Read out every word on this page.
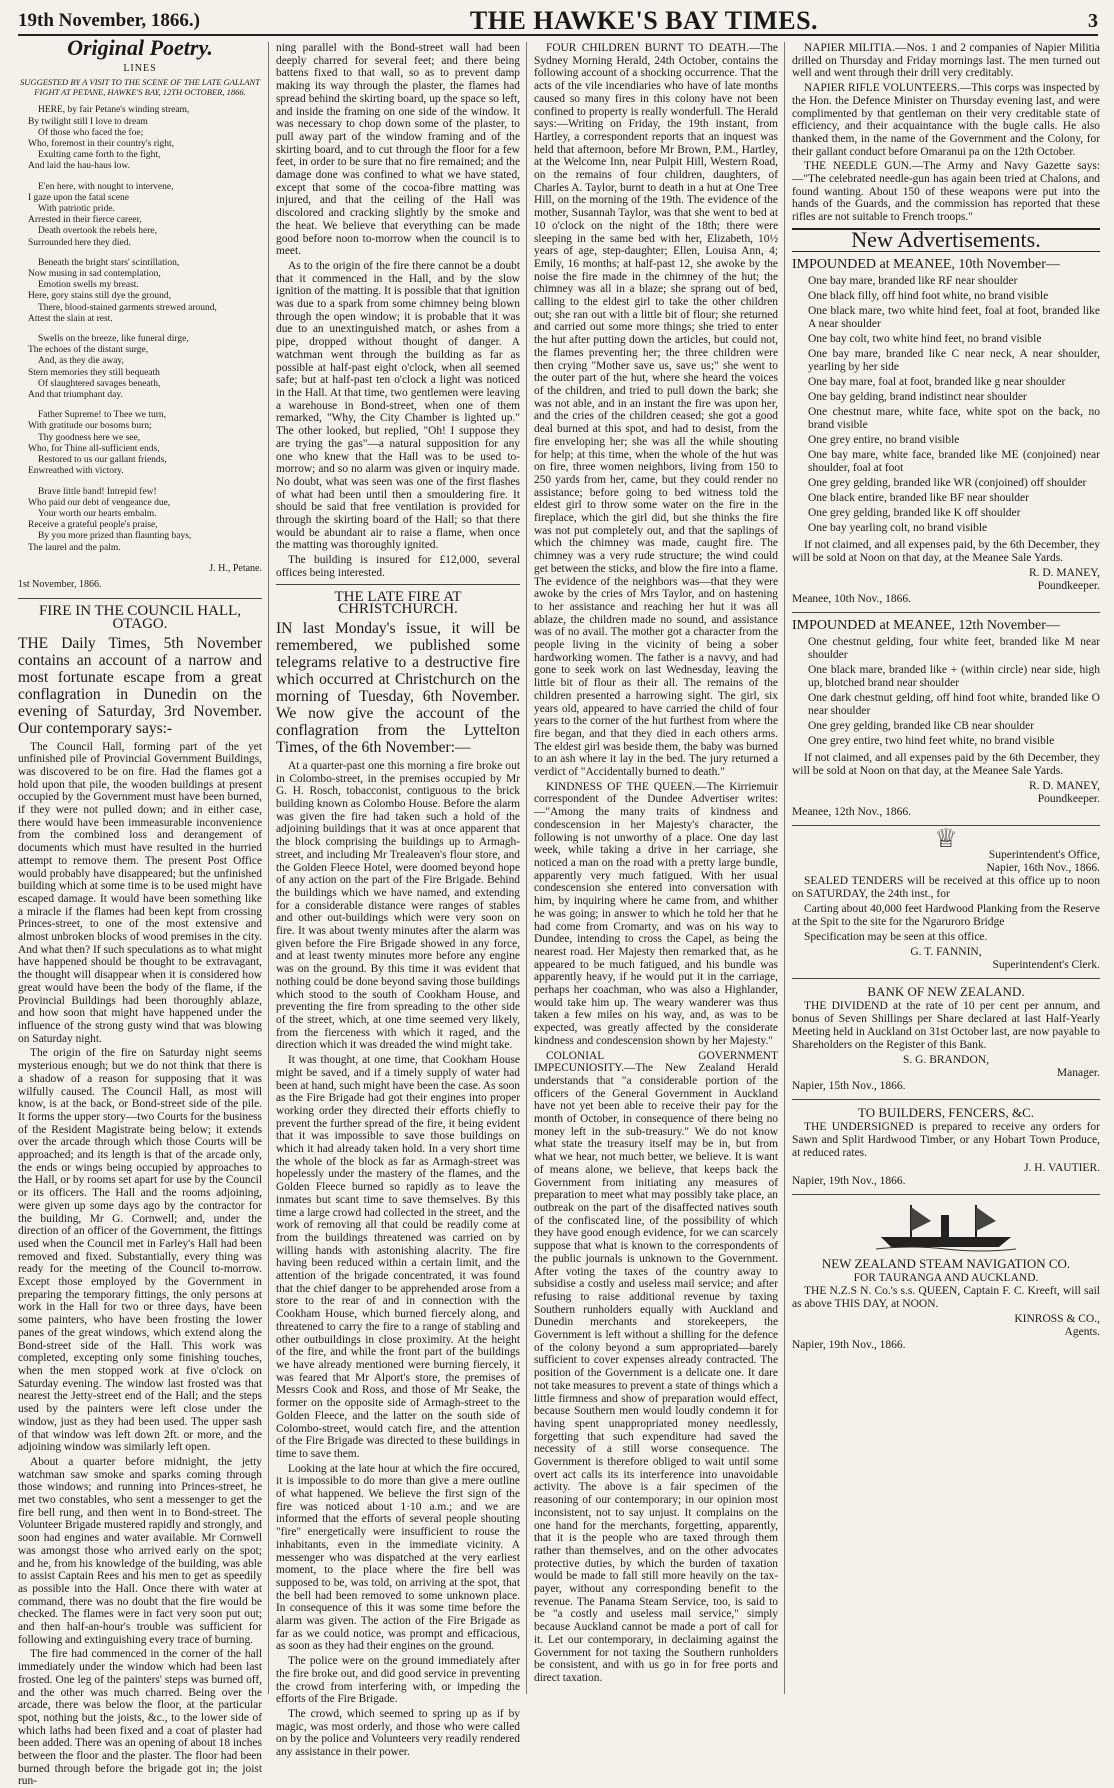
19th November, 1866.)	THE HAWKE'S BAY TIMES.	3
Original Poetry.
LINES
SUGGESTED BY A VISIT TO THE SCENE OF THE LATE GALLANT FIGHT AT PETANE, HAWKE'S BAY, 12TH OCTOBER, 1866.
HERE, by fair Petane's winding stream,
By twilight still I love to dream
Of those who faced the foe;
Who, foremost in their country's right,
Exulting came forth to the fight,
And laid the hau-haus low.
E'en here, with nought to intervene,
I gaze upon the fatal scene
With patriotic pride.
Arrested in their fierce career,
Death overtook the rebels here,
Surrounded here they died.
Beneath the bright stars' scintillation,
Now musing in sad contemplation,
Emotion swells my breast.
Here, gory stains still dye the ground,
There, blood-stained garments strewed around,
Attest the slain at rest.
Swells on the breeze, like funeral dirge,
The echoes of the distant surge,
And, as they die away,
Stern memories they still bequeath
Of slaughtered savages beneath,
And that triumphant day.
Father Supreme! to Thee we turn,
With gratitude our bosoms burn;
Thy goodness here we see,
Who, for Thine all-sufficient ends,
Restored to us our gallant friends,
Enwreathed with victory.
Brave little band! Intrepid few!
Who paid our debt of vengeance due,
Your worth our hearts embalm.
Receive a grateful people's praise,
By you more prized than flaunting bays,
The laurel and the palm.
J. H., Petane.
1st November, 1866.
FIRE IN THE COUNCIL HALL, OTAGO.

THE Daily Times, 5th November contains an account of a narrow and most fortunate escape from a great conflagration in Dunedin on the evening of Saturday, 3rd November. Our contemporary says:-

The Council Hall, forming part of the yet unfinished pile of Provincial Government Buildings, was discovered to be on fire. Had the flames got a hold upon that pile, the wooden buildings at present occupied by the Government must have been burned, if they were not pulled down; and in either case, there would have been immeasurable inconvenience from the combined loss and derangement of documents which must have resulted in the hurried attempt to remove them. The present Post Office would probably have disappeared; but the unfinished building which at some time is to be used might have escaped damage. It would have been something like a miracle if the flames had been kept from crossing Princes-street, to one of the most extensive and almost unbroken blocks of wood premises in the city. And what then? If such speculations as to what might have happened should be thought to be extravagant, the thought will disappear when it is considered how great would have been the body of the flame, if the Provincial Buildings had been thoroughly ablaze, and how soon that might have happened under the influence of the strong gusty wind that was blowing on Saturday night.

The origin of the fire on Saturday night seems mysterious enough; but we do not think that there is a shadow of a reason for supposing that it was wilfully caused. The Council Hall, as most will know, is at the back, or Bond-street side of the pile. It forms the upper story—two Courts for the business of the Resident Magistrate being below; it extends over the arcade through which those Courts will be approached; and its length is that of the arcade only, the ends or wings being occupied by approaches to the Hall, or by rooms set apart for use by the Council or its officers. The Hall and the rooms adjoining, were given up some days ago by the contractor for the building, Mr G. Cornwell; and, under the direction of an officer of the Government, the fittings used when the Council met in Farley's Hall had been removed and fixed. Substantially, every thing was ready for the meeting of the Council to-morrow. Except those employed by the Government in preparing the temporary fittings, the only persons at work in the Hall for two or three days, have been some painters, who have been frosting the lower panes of the great windows, which extend along the Bond-street side of the Hall. This work was completed, excepting only some finishing touches, when the men stopped work at five o'clock on Saturday evening. The window last frosted was that nearest the Jetty-street end of the Hall; and the steps used by the painters were left close under the window, just as they had been used. The upper sash of that window was left down 2ft. or more, and the adjoining window was similarly left open.

About a quarter before midnight, the jetty watchman saw smoke and sparks coming through those windows; and running into Princes-street, he met two constables, who sent a messenger to get the fire bell rung, and then went in to Bond-street. The Volunteer Brigade mustered rapidly and strongly, and soon had engines and water available. Mr Cornwell was amongst those who arrived early on the spot; and he, from his knowledge of the building, was able to assist Captain Rees and his men to get as speedily as possible into the Hall. Once there with water at command, there was no doubt that the fire would be checked. The flames were in fact very soon put out; and then half-an-hour's trouble was sufficient for following and extinguishing every trace of burning.

The fire had commenced in the corner of the hall immediately under the window which had been last frosted. One leg of the painters' steps was burned off, and the other was much charred. Being over the arcade, there was below the floor, at the particular spot, nothing but the joists, &c., to the lower side of which laths had been fixed and a coat of plaster had been added. There was an opening of about 18 inches between the floor and the plaster. The floor had been burned through before the brigade got in; the joist run-

ning parallel with the Bond-street wall had been deeply charred for several feet; and there being battens fixed to that wall, so as to prevent damp making its way through the plaster, the flames had spread behind the skirting board, up the space so left, and inside the framing on one side of the window. It was necessary to chop down some of the plaster, to pull away part of the window framing and of the skirting board, and to cut through the floor for a few feet, in order to be sure that no fire remained; and the damage done was confined to what we have stated, except that some of the cocoa-fibre matting was injured, and that the ceiling of the Hall was discolored and cracking slightly by the smoke and the heat. We believe that everything can be made good before noon to-morrow when the council is to meet.

As to the origin of the fire there cannot be a doubt that it commenced in the Hall, and by the slow ignition of the matting. It is possible that that ignition was due to a spark from some chimney being blown through the open window; it is probable that it was due to an unextinguished match, or ashes from a pipe, dropped without thought of danger. A watchman went through the building as far as possible at half-past eight o'clock, when all seemed safe; but at half-past ten o'clock a light was noticed in the Hall. At that time, two gentlemen were leaving a warehouse in Bond-street, when one of them remarked, "Why, the City Chamber is lighted up." The other looked, but replied, "Oh! I suppose they are trying the gas"—a natural supposition for any one who knew that the Hall was to be used to-morrow; and so no alarm was given or inquiry made. No doubt, what was seen was one of the first flashes of what had been until then a smouldering fire. It should be said that free ventilation is provided for through the skirting board of the Hall; so that there would be abundant air to raise a flame, when once the matting was thoroughly ignited.

The building is insured for £12,000, several offices being interested.

THE LATE FIRE AT CHRISTCHURCH.

IN last Monday's issue, it will be remembered, we published some telegrams relative to a destructive fire which occurred at Christchurch on the morning of Tuesday, 6th November. We now give the account of the conflagration from the Lyttelton Times, of the 6th November:—

At a quarter-past one this morning a fire broke out in Colombo-street, in the premises occupied by Mr G. H. Rosch, tobacconist, contiguous to the brick building known as Colombo House. Before the alarm was given the fire had taken such a hold of the adjoining buildings that it was at once apparent that the block comprising the buildings up to Armagh-street, and including Mr Trealeaven's flour store, and the Golden Fleece Hotel, were doomed beyond hope of any action on the part of the Fire Brigade. Behind the buildings which we have named, and extending for a considerable distance were ranges of stables and other out-buildings which were very soon on fire. It was about twenty minutes after the alarm was given before the Fire Brigade showed in any force, and at least twenty minutes more before any engine was on the ground. By this time it was evident that nothing could be done beyond saving those buildings which stood to the south of Cookham House, and preventing the fire from spreading to the other side of the street, which, at one time seemed very likely, from the fierceness with which it raged, and the direction which it was dreaded the wind might take.

It was thought, at one time, that Cookham House might be saved, and if a timely supply of water had been at hand, such might have been the case. As soon as the Fire Brigade had got their engines into proper working order they directed their efforts chiefly to prevent the further spread of the fire, it being evident that it was impossible to save those buildings on which it had already taken hold. In a very short time the whole of the block as far as Armagh-street was hopelessly under the mastery of the flames, and the Golden Fleece burned so rapidly as to leave the inmates but scant time to save themselves. By this time a large crowd had collected in the street, and the work of removing all that could be readily come at from the buildings threatened was carried on by willing hands with astonishing alacrity. The fire having been reduced within a certain limit, and the attention of the brigade concentrated, it was found that the chief danger to be apprehended arose from a store to the rear of and in connection with the Cookham House, which burned fiercely along, and threatened to carry the fire to a range of stabling and other outbuildings in close proximity. At the height of the fire, and while the front part of the buildings we have already mentioned were burning fiercely, it was feared that Mr Alport's store, the premises of Messrs Cook and Ross, and those of Mr Seake, the former on the opposite side of Armagh-street to the Golden Fleece, and the latter on the south side of Colombo-street, would catch fire, and the attention of the Fire Brigade was directed to these buildings in time to save them.

Looking at the late hour at which the fire occured, it is impossible to do more than give a mere outline of what happened. We believe the first sign of the fire was noticed about 1·10 a.m.; and we are informed that the efforts of several people shouting "fire" energetically were insufficient to rouse the inhabitants, even in the immediate vicinity. A messenger who was dispatched at the very earliest moment, to the place where the fire bell was supposed to be, was told, on arriving at the spot, that the bell had been removed to some unknown place. In consequence of this it was some time before the alarm was given. The action of the Fire Brigade as far as we could notice, was prompt and efficacious, as soon as they had their engines on the ground.

The police were on the ground immediately after the fire broke out, and did good service in preventing the crowd from interfering with, or impeding the efforts of the Fire Brigade.

The crowd, which seemed to spring up as if by magic, was most orderly, and those who were called on by the police and Volunteers very readily rendered any assistance in their power.

FOUR CHILDREN BURNT TO DEATH.—The Sydney Morning Herald, 24th October, contains the following account of a shocking occurrence. That the acts of the vile incendiaries who have of late months caused so many fires in this colony have not been confined to property is really wonderfull. The Herald says:—Writing on Friday, the 19th instant, from Hartley, a correspondent reports that an inquest was held that afternoon, before Mr Brown, P.M., Hartley, at the Welcome Inn, near Pulpit Hill, Western Road, on the remains of four children, daughters, of Charles A. Taylor, burnt to death in a hut at One Tree Hill, on the morning of the 19th. The evidence of the mother, Susannah Taylor, was that she went to bed at 10 o'clock on the night of the 18th; there were sleeping in the same bed with her, Elizabeth, 10½ years of age, step-daughter; Ellen, Louisa Ann, 4; Emily, 16 months; at half-past 12, she awoke by the noise the fire made in the chimney of the hut; the chimney was all in a blaze; she sprang out of bed, calling to the eldest girl to take the other children out; she ran out with a little bit of flour; she returned and carried out some more things; she tried to enter the hut after putting down the articles, but could not, the flames preventing her; the three children were then crying "Mother save us, save us;" she went to the outer part of the hut, where she heard the voices of the children, and tried to pull down the bark; she was not able, and in an instant the fire was upon her, and the cries of the children ceased; she got a good deal burned at this spot, and had to desist, from the fire enveloping her; she was all the while shouting for help; at this time, when the whole of the hut was on fire, three women neighbors, living from 150 to 250 yards from her, came, but they could render no assistance; before going to bed witness told the eldest girl to throw some water on the fire in the fireplace, which the girl did, but she thinks the fire was not put completely out, and that the saplings of which the chimney was made, caught fire. The chimney was a very rude structure; the wind could get between the sticks, and blow the fire into a flame. The evidence of the neighbors was—that they were awoke by the cries of Mrs Taylor, and on hastening to her assistance and reaching her hut it was all ablaze, the children made no sound, and assistance was of no avail. The mother got a character from the people living in the vicinity of being a sober hardworking women. The father is a navvy, and had gone to seek work on last Wednesday, leaving the little bit of flour as their all. The remains of the children presented a harrowing sight. The girl, six years old, appeared to have carried the child of four years to the corner of the hut furthest from where the fire began, and that they died in each others arms. The eldest girl was beside them, the baby was burned to an ash where it lay in the bed. The jury returned a verdict of "Accidentally burned to death."

KINDNESS OF THE QUEEN.—The Kirriemuir correspondent of the Dundee Advertiser writes:—"Among the many traits of kindness and condescension in her Majesty's character, the following is not unworthy of a place. One day last week, while taking a drive in her carriage, she noticed a man on the road with a pretty large bundle, apparently very much fatigued. With her usual condescension she entered into conversation with him, by inquiring where he came from, and whither he was going; in answer to which he told her that he had come from Cromarty, and was on his way to Dundee, intending to cross the Capel, as being the nearest road. Her Majesty then remarked that, as he appeared to be much fatigued, and his bundle was apparently heavy, if he would put it in the carriage, perhaps her coachman, who was also a Highlander, would take him up. The weary wanderer was thus taken a few miles on his way, and, as was to be expected, was greatly affected by the considerate kindness and condescension shown by her Majesty."

COLONIAL GOVERNMENT IMPECUNIOSITY.—The New Zealand Herald understands that "a considerable portion of the officers of the General Government in Auckland have not yet been able to receive their pay for the month of October, in consequence of there being no money left in the sub-treasury." We do not know what state the treasury itself may be in, but from what we hear, not much better, we believe. It is want of means alone, we believe, that keeps back the Government from initiating any measures of preparation to meet what may possibly take place, an outbreak on the part of the disaffected natives south of the confiscated line, of the possibility of which they have good enough evidence, for we can scarcely suppose that what is known to the correspondents of the public journals is unknown to the Government. After voting the taxes of the country away to subsidise a costly and useless mail service; and after refusing to raise additional revenue by taxing Southern runholders equally with Auckland and Dunedin merchants and storekeepers, the Government is left without a shilling for the defence of the colony beyond a sum appropriated—barely sufficient to cover expenses already contracted. The position of the Government is a delicate one. It dare not take measures to prevent a state of things which a little firmness and show of preparation would effect, because Southern men would loudly condemn it for having spent unappropriated money needlessly, forgetting that such expenditure had saved the necessity of a still worse consequence. The Government is therefore obliged to wait until some overt act calls its its interference into unavoidable activity. The above is a fair specimen of the reasoning of our contemporary; in our opinion most inconsistent, not to say unjust. It complains on the one hand for the merchants, forgetting, apparently, that it is the people who are taxed through them rather than themselves, and on the other advocates protective duties, by which the burden of taxation would be made to fall still more heavily on the tax-payer, without any corresponding benefit to the revenue. The Panama Steam Service, too, is said to be "a costly and useless mail service," simply because Auckland cannot be made a port of call for it. Let our contemporary, in declaiming against the Government for not taxing the Southern runholders be consistent, and with us go in for free ports and direct taxation.

NAPIER MILITIA.—Nos. 1 and 2 companies of Napier Militia drilled on Thursday and Friday mornings last. The men turned out well and went through their drill very creditably.

NAPIER RIFLE VOLUNTEERS.—This corps was inspected by the Hon. the Defence Minister on Thursday evening last, and were complimented by that gentleman on their very creditable state of efficiency, and their acquaintance with the bugle calls. He also thanked them, in the name of the Government and the Colony, for their gallant conduct before Omaranui pa on the 12th October.

THE NEEDLE GUN.—The Army and Navy Gazette says:—"The celebrated needle-gun has again been tried at Chalons, and found wanting. About 150 of these weapons were put into the hands of the Guards, and the commission has reported that these rifles are not suitable to French troops."

New Advertisements.
IMPOUNDED at MEANEE, 10th November—
One bay mare, branded like RF near shoulder
One black filly, off hind foot white, no brand visible
One black mare, two white hind feet, foal at foot, branded like A near shoulder
One bay colt, two white hind feet, no brand visible
One bay mare, branded like C near neck, A near shoulder, yearling by her side
One bay mare, foal at foot, branded like g near shoulder
One bay gelding, brand indistinct near shoulder
One chestnut mare, white face, white spot on the back, no brand visible
One grey entire, no brand visible
One bay mare, white face, branded like ME (conjoined) near shoulder, foal at foot
One grey gelding, branded like WR (conjoined) off shoulder
One black entire, branded like BF near shoulder
One grey gelding, branded like K off shoulder
One bay yearling colt, no brand visible

If not claimed, and all expenses paid, by the 6th December, they will be sold at Noon on that day, at the Meanee Sale Yards.

R. D. MANEY,
Poundkeeper.
Meanee, 10th Nov., 1866.
IMPOUNDED at MEANEE, 12th November—
One chestnut gelding, four white feet, branded like M near shoulder
One black mare, branded like + (within circle) near side, high up, blotched brand near shoulder
One dark chestnut gelding, off hind foot white, branded like O near shoulder
One grey gelding, branded like CB near shoulder
One grey entire, two hind feet white, no brand visible

If not claimed, and all expenses paid by the 6th December, they will be sold at Noon on that day, at the Meanee Sale Yards.

R. D. MANEY,
Poundkeeper.
Meanee, 12th Nov., 1866.
♕
Superintendent's Office,
Napier, 16th Nov., 1866.

SEALED TENDERS will be received at this office up to noon on SATURDAY, the 24th inst., for

Carting about 40,000 feet Hardwood Planking from the Reserve at the Spit to the site for the Ngaruroro Bridge

Specification may be seen at this office.

G. T. FANNIN,
Superintendent's Clerk.
BANK OF NEW ZEALAND.

THE DIVIDEND at the rate of 10 per cent per annum, and bonus of Seven Shillings per Share declared at last Half-Yearly Meeting held in Auckland on 31st October last, are now payable to Shareholders on the Register of this Bank.

S. G. BRANDON,
Manager.
Napier, 15th Nov., 1866.
TO BUILDERS, FENCERS, &C.

THE UNDERSIGNED is prepared to receive any orders for Sawn and Split Hardwood Timber, or any Hobart Town Produce, at reduced rates.

J. H. VAUTIER.
Napier, 19th Nov., 1866.
NEW ZEALAND STEAM NAVIGATION CO.
FOR TAURANGA AND AUCKLAND.

THE N.Z.S N. Co.'s s.s. QUEEN, Captain F. C. Kreeft, will sail as above THIS DAY, at NOON.

KINROSS & CO.,
Agents.
Napier, 19th Nov., 1866.
